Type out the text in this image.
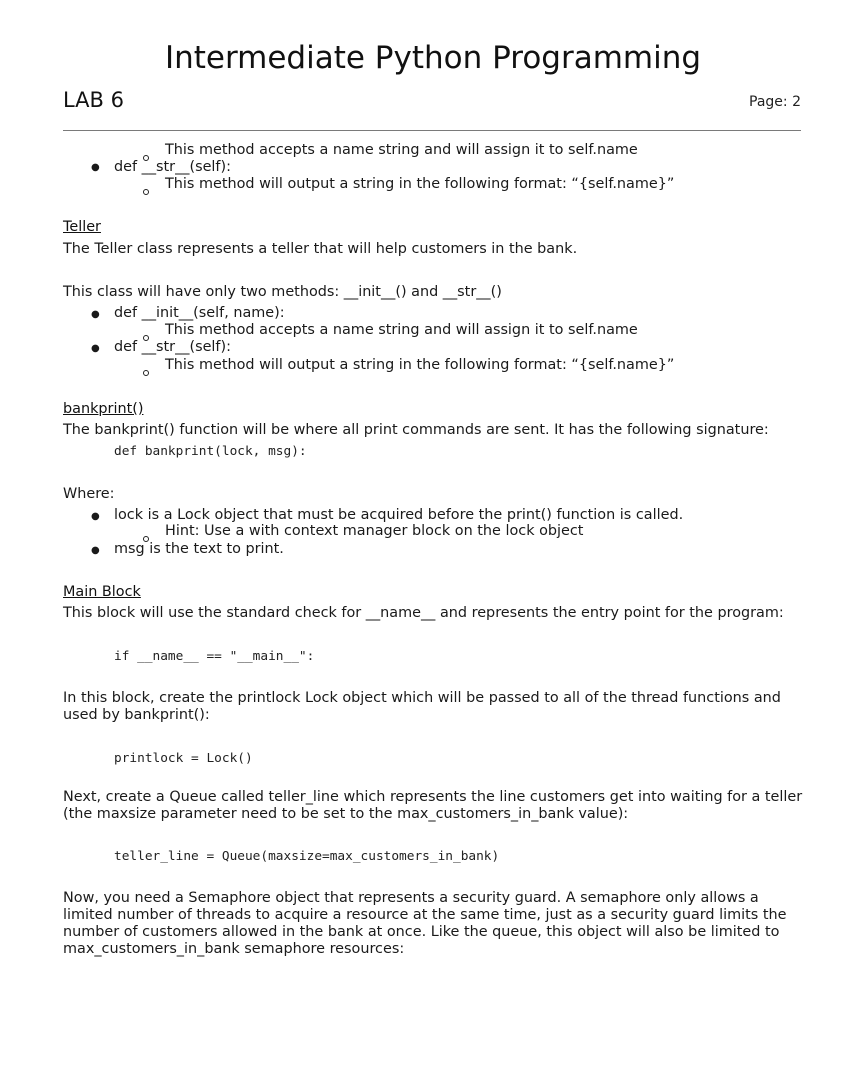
Intermediate Python Programming
LAB 6	Page: 2
This method accepts a name string and will assign it to self.name
● def __str__(self):
This method will output a string in the following format: “{self.name}”
Teller
The Teller class represents a teller that will help customers in the bank.
This class will have only two methods: __init__() and __str__()
● def __init__(self, name):
This method accepts a name string and will assign it to self.name
● def __str__(self):
This method will output a string in the following format: “{self.name}”
bankprint()
The bankprint() function will be where all print commands are sent. It has the following signature:
def bankprint(lock, msg):
Where:
● lock is a Lock object that must be acquired before the print() function is called.
Hint: Use a with context manager block on the lock object
● msg is the text to print.
Main Block
This block will use the standard check for __name__ and represents the entry point for the program:
if __name__ == "__main__":
In this block, create the printlock Lock object which will be passed to all of the thread functions and used by bankprint():
printlock = Lock()
Next, create a Queue called teller_line which represents the line customers get into waiting for a teller (the maxsize parameter need to be set to the max_customers_in_bank value):
teller_line = Queue(maxsize=max_customers_in_bank)
Now, you need a Semaphore object that represents a security guard. A semaphore only allows a limited number of threads to acquire a resource at the same time, just as a security guard limits the number of customers allowed in the bank at once. Like the queue, this object will also be limited to max_customers_in_bank semaphore resources:
